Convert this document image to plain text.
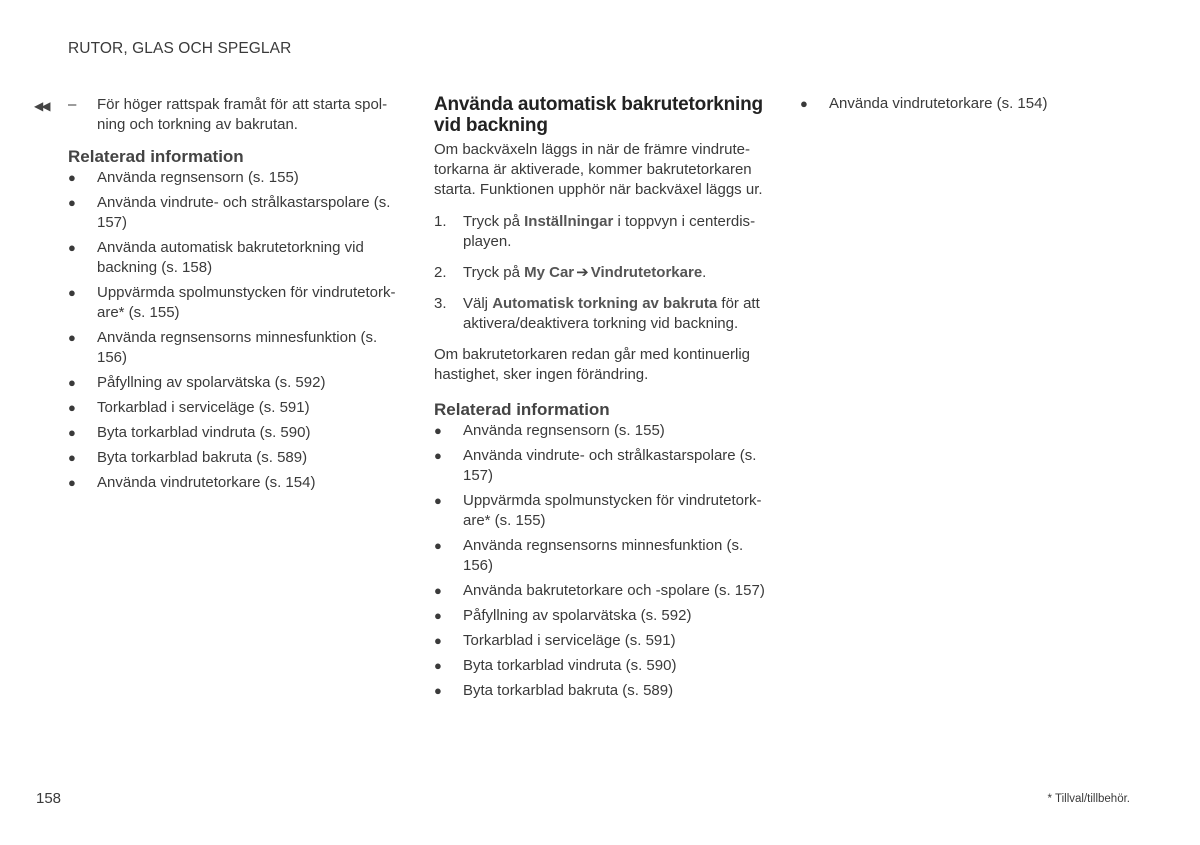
RUTOR, GLAS OCH SPEGLAR
◀◀ – För höger rattspak framåt för att starta spolning och torkning av bakrutan.
Relaterad information
● Använda regnsensorn (s. 155)
● Använda vindrute- och strålkastarspolare (s. 157)
● Använda automatisk bakrutetorkning vid backning (s. 158)
● Uppvärmda spolmunstycken för vindrutetorkare* (s. 155)
● Använda regnsensorns minnesfunktion (s. 156)
● Påfyllning av spolarvätska (s. 592)
● Torkarblad i serviceläge (s. 591)
● Byta torkarblad vindruta (s. 590)
● Byta torkarblad bakruta (s. 589)
● Använda vindrutetorkare (s. 154)
Använda automatisk bakrutetorkning vid backning

Om backväxeln läggs in när de främre vindrutetorkarna är aktiverade, kommer bakrutetorkaren starta. Funktionen upphör när backväxel läggs ur.

1. Tryck på Inställningar i toppvyn i centerdisplayen.
2. Tryck på My Car ➔ Vindrutetorkare.
3. Välj Automatisk torkning av bakruta för att aktivera/deaktivera torkning vid backning.

Om bakrutetorkaren redan går med kontinuerlig hastighet, sker ingen förändring.

Relaterad information
● Använda regnsensorn (s. 155)
● Använda vindrute- och strålkastarspolare (s. 157)
● Uppvärmda spolmunstycken för vindrutetorkare* (s. 155)
● Använda regnsensorns minnesfunktion (s. 156)
● Använda bakrutetorkare och -spolare (s. 157)
● Påfyllning av spolarvätska (s. 592)
● Torkarblad i serviceläge (s. 591)
● Byta torkarblad vindruta (s. 590)
● Byta torkarblad bakruta (s. 589)
● Använda vindrutetorkare (s. 154)
158	* Tillval/tillbehör.
